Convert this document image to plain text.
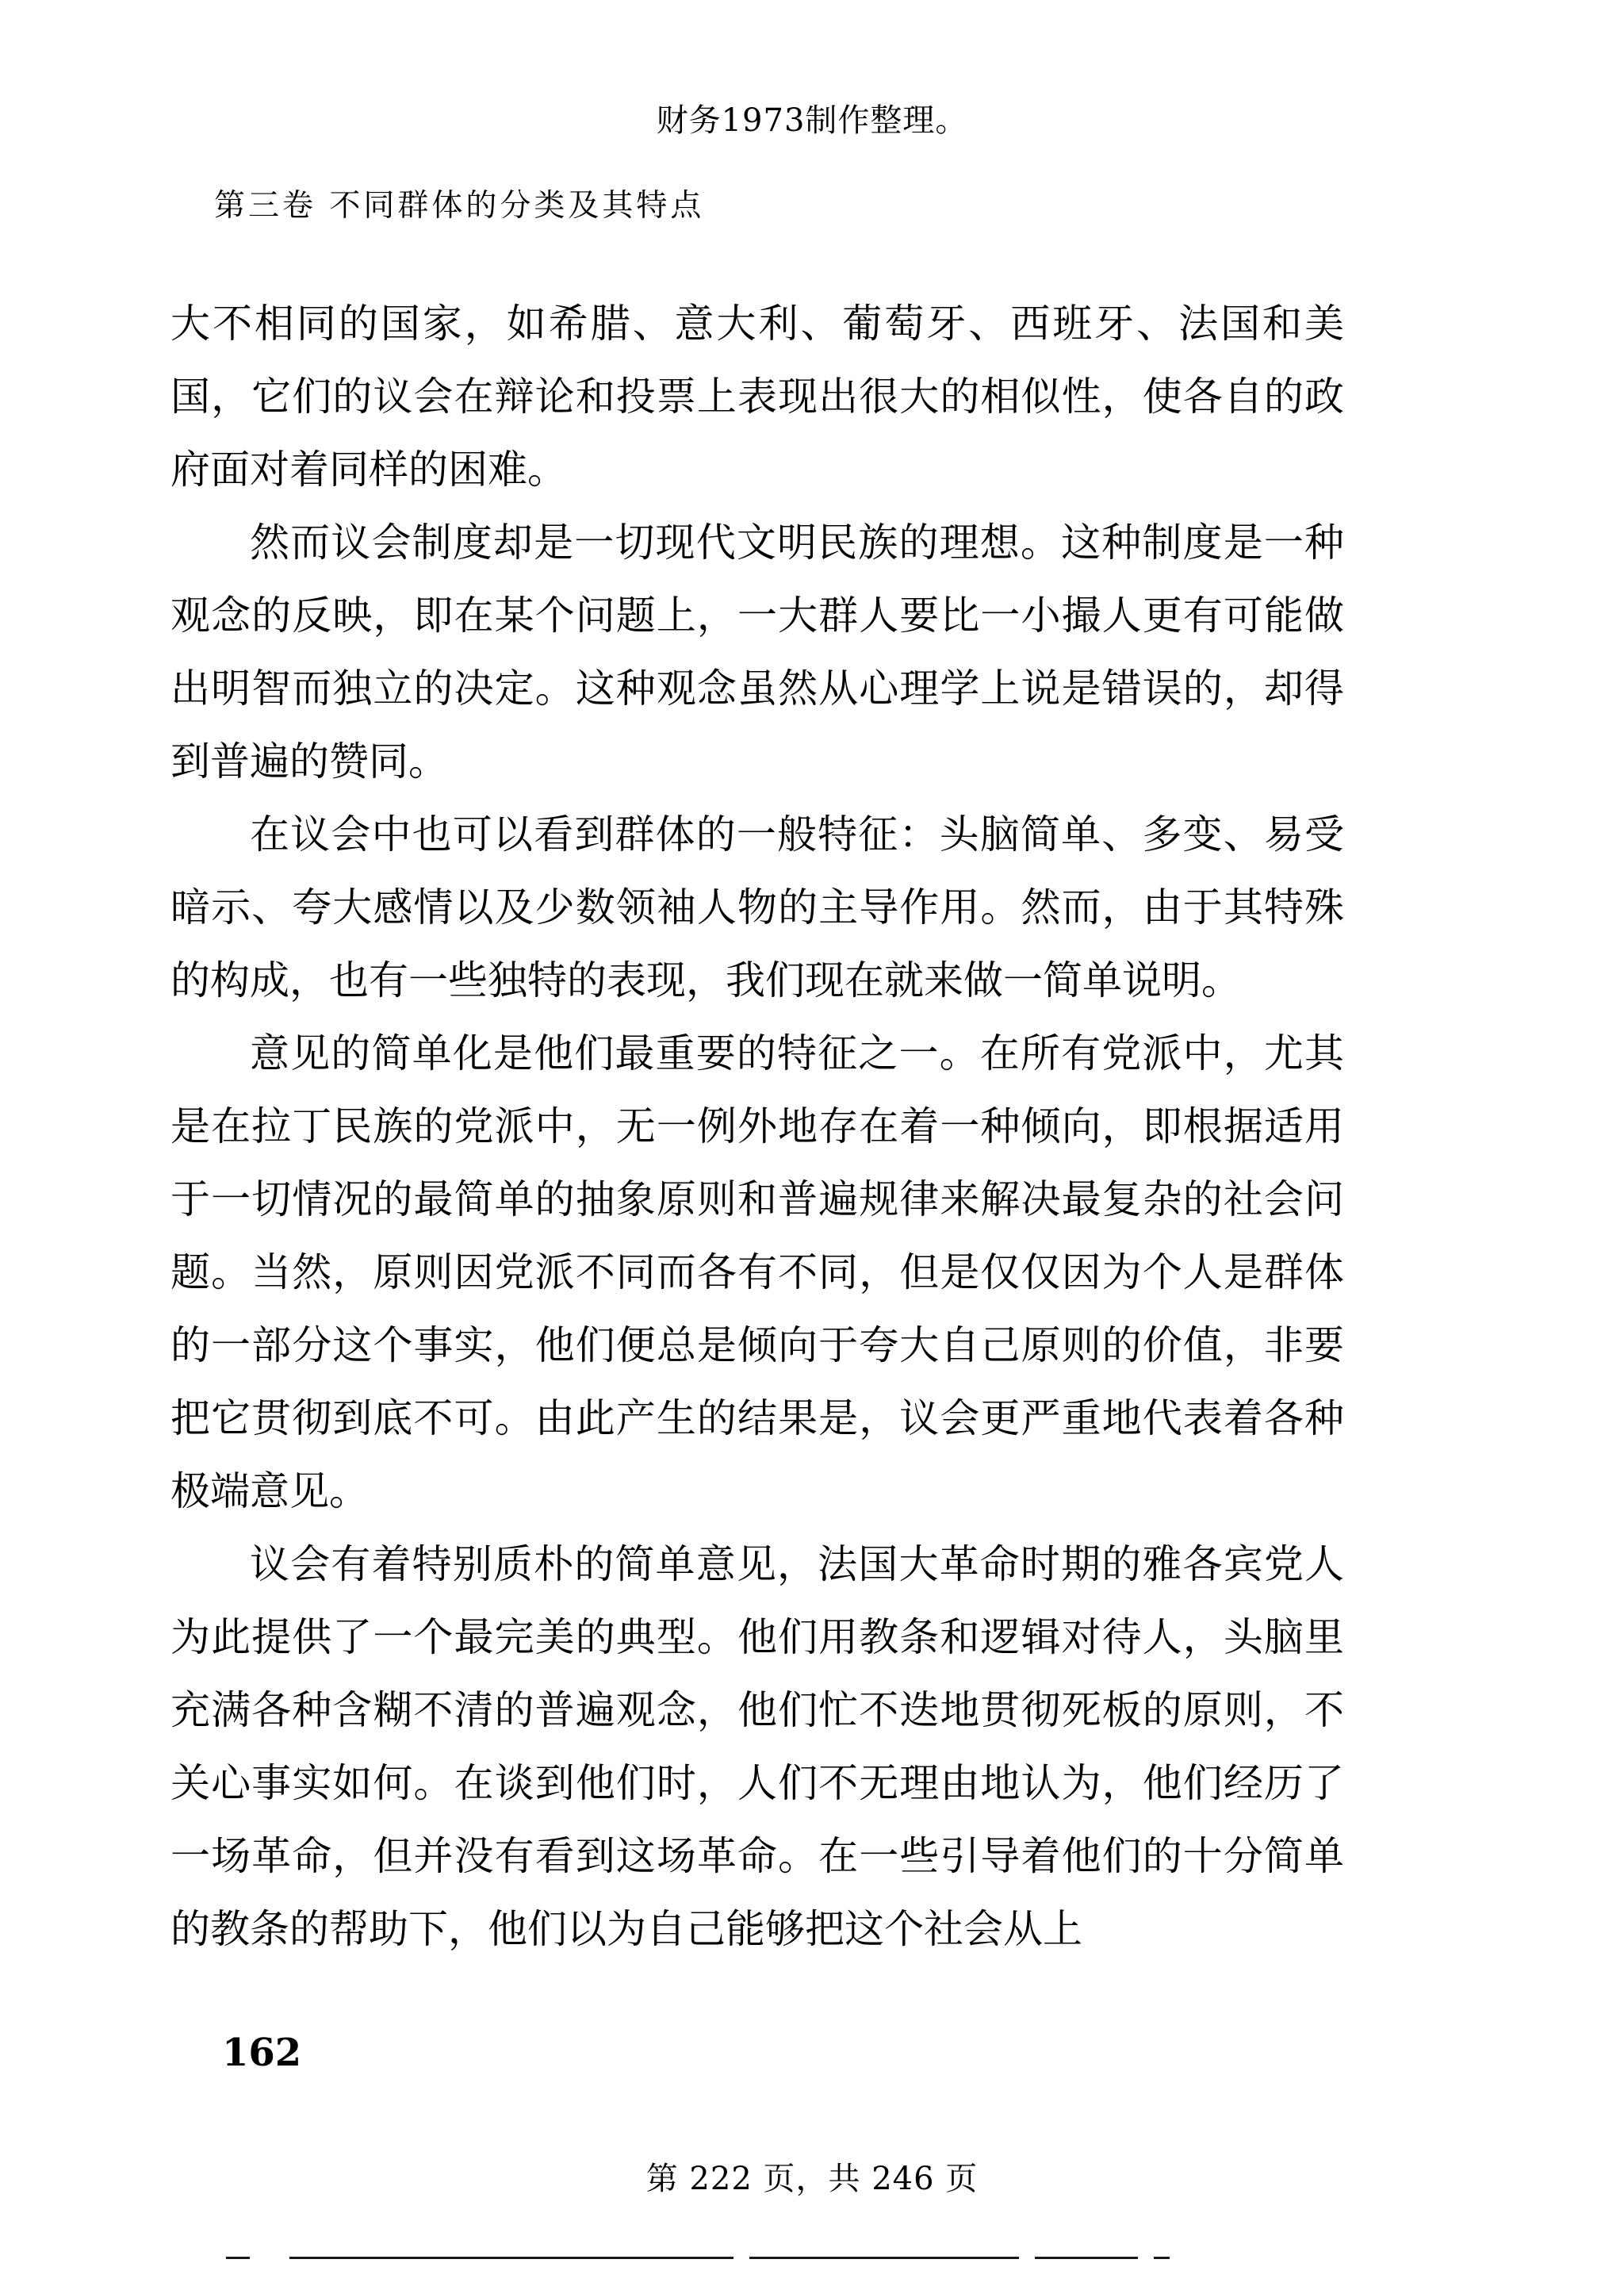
财务1973制作整理。
第三卷 不同群体的分类及其特点

大不相同的国家，如希腊、意大利、葡萄牙、西班牙、法国和美国，它们的议会在辩论和投票上表现出很大的相似性，使各自的政府面对着同样的困难。

然而议会制度却是一切现代文明民族的理想。这种制度是一种观念的反映，即在某个问题上，一大群人要比一小撮人更有可能做出明智而独立的决定。这种观念虽然从心理学上说是错误的，却得到普遍的赞同。

在议会中也可以看到群体的一般特征：头脑简单、多变、易受暗示、夸大感情以及少数领袖人物的主导作用。然而，由于其特殊的构成，也有一些独特的表现，我们现在就来做一简单说明。

意见的简单化是他们最重要的特征之一。在所有党派中，尤其是在拉丁民族的党派中，无一例外地存在着一种倾向，即根据适用于一切情况的最简单的抽象原则和普遍规律来解决最复杂的社会问题。当然，原则因党派不同而各有不同，但是仅仅因为个人是群体的一部分这个事实，他们便总是倾向于夸大自己原则的价值，非要把它贯彻到底不可。由此产生的结果是，议会更严重地代表着各种极端意见。

议会有着特别质朴的简单意见，法国大革命时期的雅各宾党人为此提供了一个最完美的典型。他们用教条和逻辑对待人，头脑里充满各种含糊不清的普遍观念，他们忙不迭地贯彻死板的原则，不关心事实如何。在谈到他们时，人们不无理由地认为，他们经历了一场革命，但并没有看到这场革命。在一些引导着他们的十分简单的教条的帮助下，他们以为自己能够把这个社会从上

162
第 222 页，共 246 页
